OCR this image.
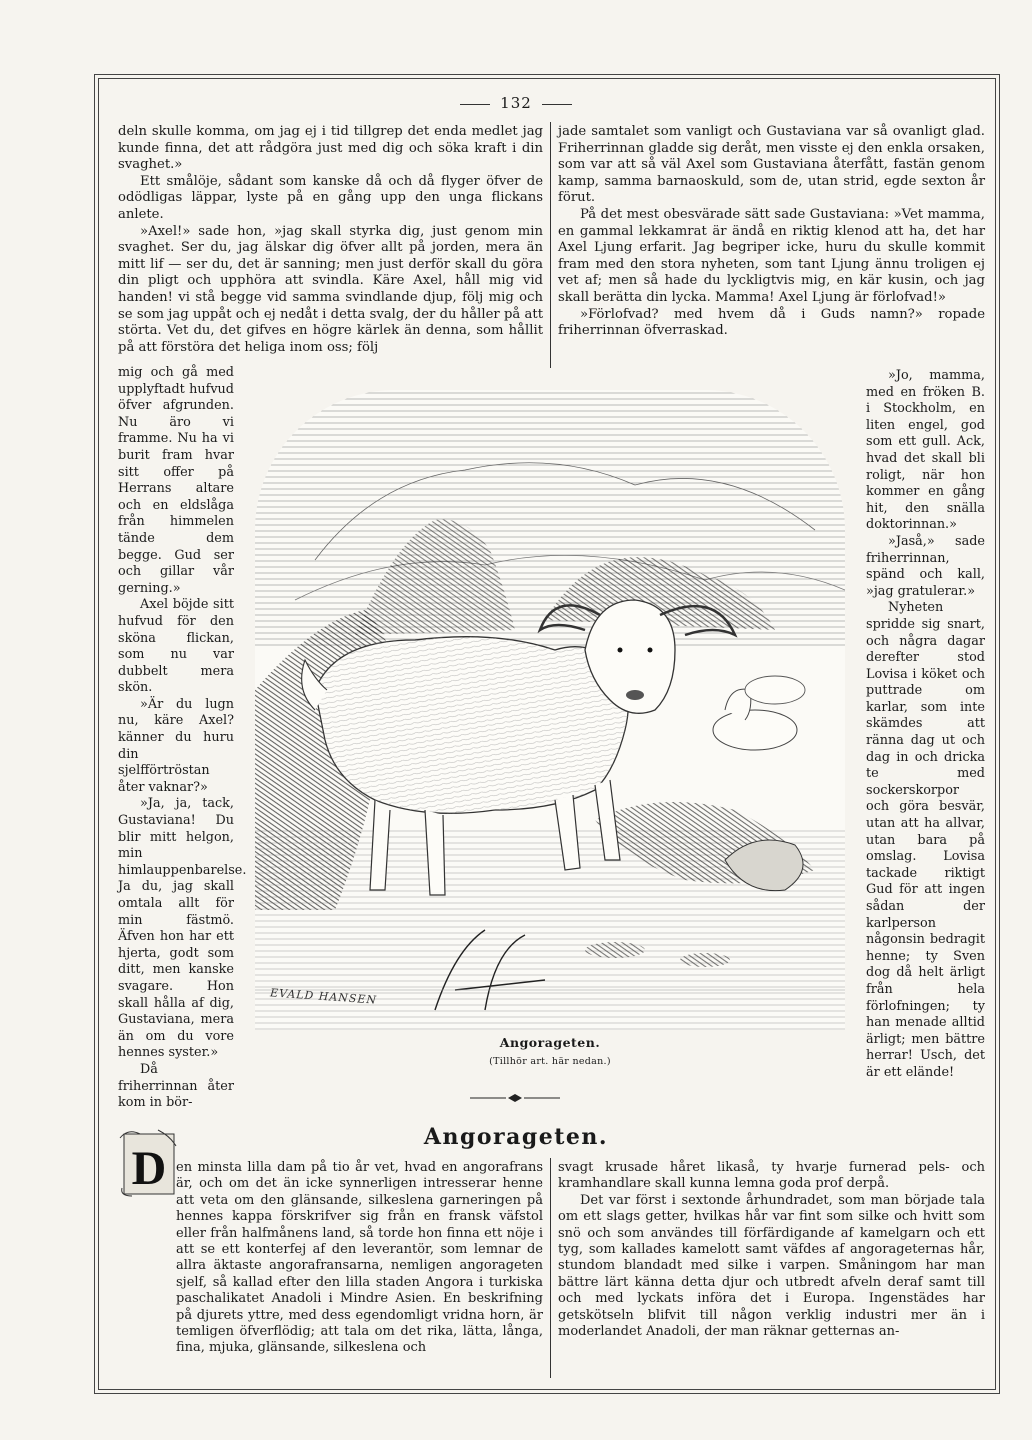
132

deln skulle komma, om jag ej i tid tillgrep det enda medlet jag kunde finna, det att rådgöra just med dig och söka kraft i din svaghet.»

Ett smålöje, sådant som kanske då och då flyger öfver de odödligas läppar, lyste på en gång upp den unga flickans anlete.

»Axel!» sade hon, »jag skall styrka dig, just genom min svaghet. Ser du, jag älskar dig öfver allt på jorden, mera än mitt lif — ser du, det är sanning; men just derför skall du göra din pligt och upphöra att svindla. Käre Axel, håll mig vid handen! vi stå begge vid samma svindlande djup, följ mig och se som jag uppåt och ej nedåt i detta svalg, der du håller på att störta. Vet du, det gifves en högre kärlek än denna, som hållit på att förstöra det heliga inom oss; följ

jade samtalet som vanligt och Gustaviana var så ovanligt glad. Friherrinnan gladde sig deråt, men visste ej den enkla orsaken, som var att så väl Axel som Gustaviana återfått, fastän genom kamp, samma barnaoskuld, som de, utan strid, egde sexton år förut.

På det mest obesvärade sätt sade Gustaviana: »Vet mamma, en gammal lekkamrat är ändå en riktig klenod att ha, det har Axel Ljung erfarit. Jag begriper icke, huru du skulle kommit fram med den stora nyheten, som tant Ljung ännu troligen ej vet af; men så hade du lyckligtvis mig, en kär kusin, och jag skall berätta din lycka. Mamma! Axel Ljung är förlofvad!»

»Förlofvad? med hvem då i Guds namn?» ropade friherrinnan öfverraskad.

mig och gå med upplyftadt hufvud öfver afgrunden. Nu äro vi framme. Nu ha vi burit fram hvar sitt offer på Herrans altare och en eldslåga från himmelen tände dem begge. Gud ser och gillar vår gerning.»

Axel böjde sitt hufvud för den sköna flickan, som nu var dubbelt mera skön.

»Är du lugn nu, käre Axel? känner du huru din sjelfförtröstan åter vaknar?»

»Ja, ja, tack, Gustaviana! Du blir mitt helgon, min himlauppenbarelse. Ja du, jag skall omtala allt för min fästmö. Äfven hon har ett hjerta, godt som ditt, men kanske svagare. Hon skall hålla af dig, Gustaviana, mera än om du vore hennes syster.»

Då friherrinnan åter kom in bör-

»Jo, mamma, med en fröken B. i Stockholm, en liten engel, god som ett gull. Ack, hvad det skall bli roligt, när hon kommer en gång hit, den snälla doktorinnan.»

»Jaså,» sade friherrinnan, spänd och kall, »jag gratulerar.»

Nyheten spridde sig snart, och några dagar derefter stod Lovisa i köket och puttrade om karlar, som inte skämdes att ränna dag ut och dag in och dricka te med sockerskorpor och göra besvär, utan att ha allvar, utan bara på omslag. Lovisa tackade riktigt Gud för att ingen sådan der karlperson någonsin bedragit henne; ty Sven dog då helt ärligt från hela förlofningen; ty han menade alltid ärligt; men bättre herrar! Usch, det är ett elände!

EVALD HANSEN
Angorageten.
(Tillhör art. här nedan.)
Angorageten.
D en minsta lilla dam på tio år vet, hvad en angorafrans är, och om det än icke synnerligen intresserar henne att veta om den glänsande, silkeslena garneringen på hennes kappa förskrifver sig från en fransk väfstol eller från halfmånens land, så torde hon finna ett nöje i att se ett konterfej af den leverantör, som lemnar de allra äktaste angorafransarna, nemligen angorageten sjelf, så kallad efter den lilla staden Angora i turkiska paschalikatet Anadoli i Mindre Asien. En beskrifning på djurets yttre, med dess egendomligt vridna horn, är temligen öfverflödig; att tala om det rika, lätta, långa, fina, mjuka, glänsande, silkeslena och

svagt krusade håret likaså, ty hvarje furnerad pels- och kramhandlare skall kunna lemna goda prof derpå.

Det var först i sextonde århundradet, som man började tala om ett slags getter, hvilkas hår var fint som silke och hvitt som snö och som användes till förfärdigande af kamelgarn och ett tyg, som kallades kamelott samt väfdes af angorageternas hår, stundom blandadt med silke i varpen. Småningom har man bättre lärt känna detta djur och utbredt afveln deraf samt till och med lyckats införa det i Europa. Ingenstädes har getskötseln blifvit till någon verklig industri mer än i moderlandet Anadoli, der man räknar getternas an-
